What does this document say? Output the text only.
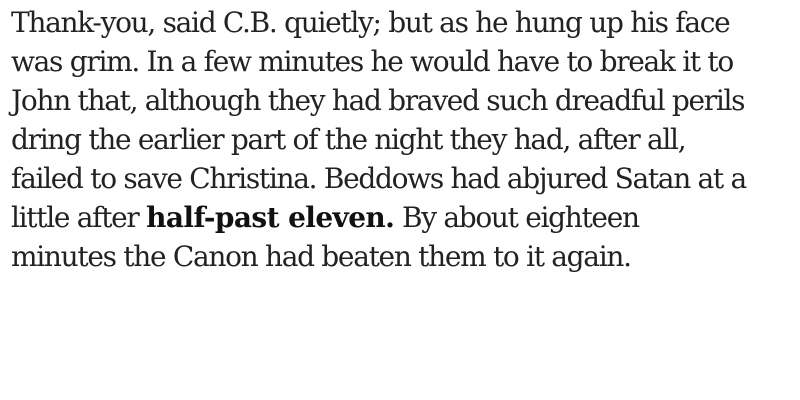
Thank-you, said C.B. quietly; but as he hung up his face
was grim. In a few minutes he would have to break it to
John that, although they had braved such dreadful perils
dring the earlier part of the night they had, after all,
failed to save Christina. Beddows had abjured Satan at a
little after half-past eleven. By about eighteen
minutes the Canon had beaten them to it again.
